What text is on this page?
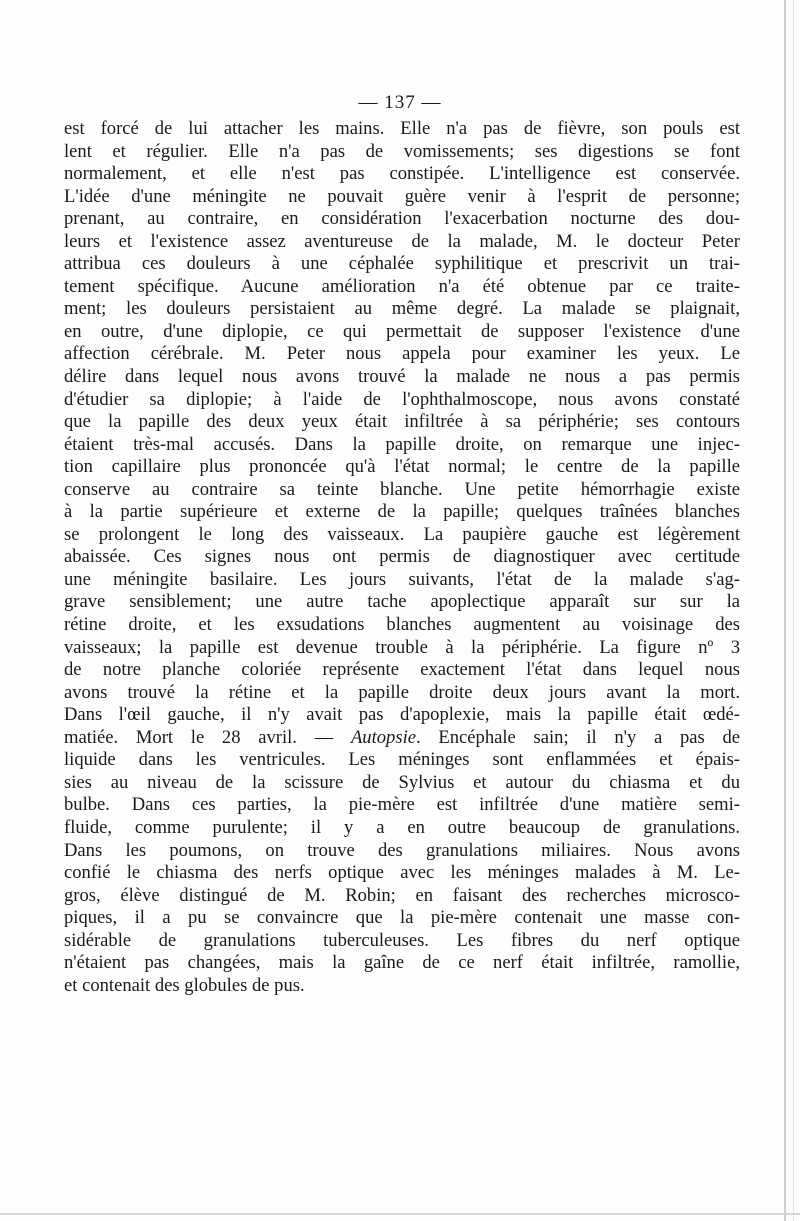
— 137 —
est forcé de lui attacher les mains. Elle n'a pas de fièvre, son pouls est
lent et régulier. Elle n'a pas de vomissements; ses digestions se font
normalement, et elle n'est pas constipée. L'intelligence est conservée.
L'idée d'une méningite ne pouvait guère venir à l'esprit de personne;
prenant, au contraire, en considération l'exacerbation nocturne des dou-
leurs et l'existence assez aventureuse de la malade, M. le docteur Peter
attribua ces douleurs à une céphalée syphilitique et prescrivit un trai-
tement spécifique. Aucune amélioration n'a été obtenue par ce traite-
ment; les douleurs persistaient au même degré. La malade se plaignait,
en outre, d'une diplopie, ce qui permettait de supposer l'existence d'une
affection cérébrale. M. Peter nous appela pour examiner les yeux. Le
délire dans lequel nous avons trouvé la malade ne nous a pas permis
d'étudier sa diplopie; à l'aide de l'ophthalmoscope, nous avons constaté
que la papille des deux yeux était infiltrée à sa périphérie; ses contours
étaient très-mal accusés. Dans la papille droite, on remarque une injec-
tion capillaire plus prononcée qu'à l'état normal; le centre de la papille
conserve au contraire sa teinte blanche. Une petite hémorrhagie existe
à la partie supérieure et externe de la papille; quelques traînées blanches
se prolongent le long des vaisseaux. La paupière gauche est légèrement
abaissée. Ces signes nous ont permis de diagnostiquer avec certitude
une méningite basilaire. Les jours suivants, l'état de la malade s'ag-
grave sensiblement; une autre tache apoplectique apparaît sur sur la
rétine droite, et les exsudations blanches augmentent au voisinage des
vaisseaux; la papille est devenue trouble à la périphérie. La figure nº 3
de notre planche coloriée représente exactement l'état dans lequel nous
avons trouvé la rétine et la papille droite deux jours avant la mort.
Dans l'œil gauche, il n'y avait pas d'apoplexie, mais la papille était œdé-
matiée. Mort le 28 avril. — Autopsie. Encéphale sain; il n'y a pas de
liquide dans les ventricules. Les méninges sont enflammées et épais-
sies au niveau de la scissure de Sylvius et autour du chiasma et du
bulbe. Dans ces parties, la pie-mère est infiltrée d'une matière semi-
fluide, comme purulente; il y a en outre beaucoup de granulations.
Dans les poumons, on trouve des granulations miliaires. Nous avons
confié le chiasma des nerfs optique avec les méninges malades à M. Le-
gros, élève distingué de M. Robin; en faisant des recherches microsco-
piques, il a pu se convaincre que la pie-mère contenait une masse con-
sidérable de granulations tuberculeuses. Les fibres du nerf optique
n'étaient pas changées, mais la gaîne de ce nerf était infiltrée, ramollie,
et contenait des globules de pus.
